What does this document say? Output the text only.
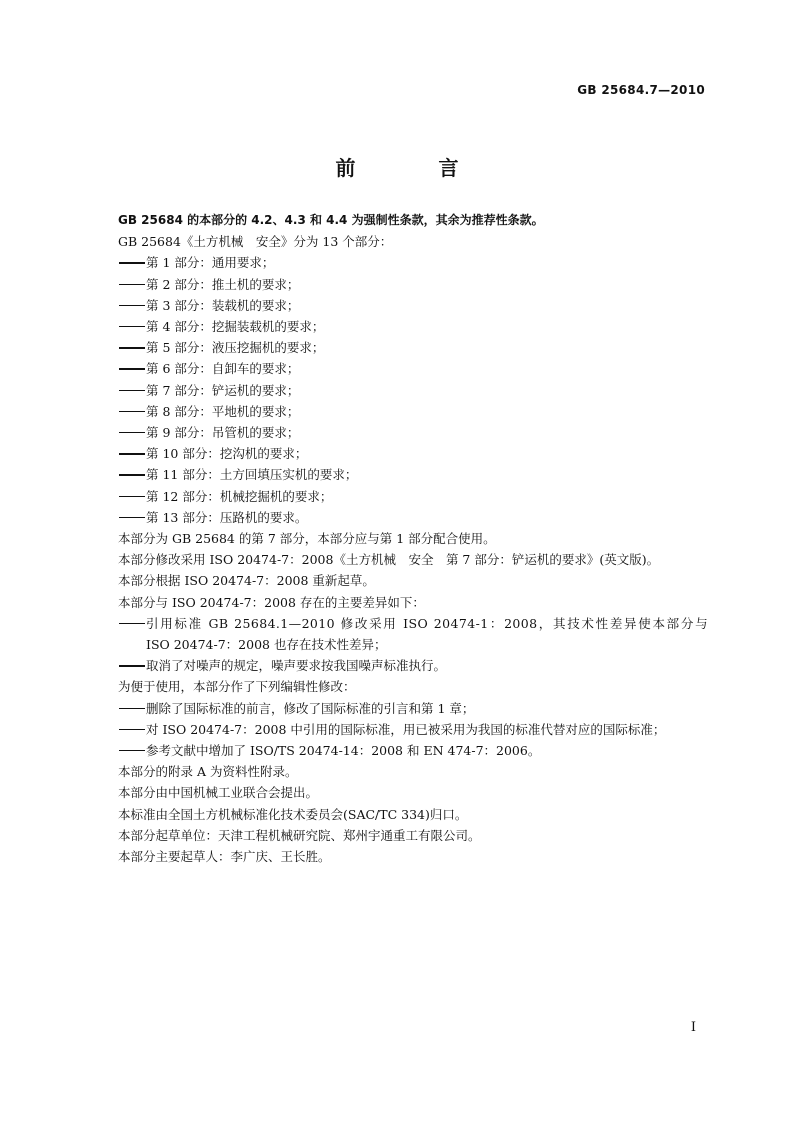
GB 25684.7—2010
前 言

GB 25684 的本部分的 4.2、4.3 和 4.4 为强制性条款，其余为推荐性条款。

GB 25684《土方机械　安全》分为 13 个部分：

第 1 部分：通用要求；

第 2 部分：推土机的要求；

第 3 部分：装载机的要求；

第 4 部分：挖掘装载机的要求；

第 5 部分：液压挖掘机的要求；

第 6 部分：自卸车的要求；

第 7 部分：铲运机的要求；

第 8 部分：平地机的要求；

第 9 部分：吊管机的要求；

第 10 部分：挖沟机的要求；

第 11 部分：土方回填压实机的要求；

第 12 部分：机械挖掘机的要求；

第 13 部分：压路机的要求。

本部分为 GB 25684 的第 7 部分，本部分应与第 1 部分配合使用。

本部分修改采用 ISO 20474-7：2008《土方机械　安全　第 7 部分：铲运机的要求》(英文版)。

本部分根据 ISO 20474-7：2008 重新起草。

本部分与 ISO 20474-7：2008 存在的主要差异如下：

引用标准 GB 25684.1—2010 修改采用 ISO 20474-1：2008，其技术性差异使本部分与
ISO 20474-7：2008 也存在技术性差异；

取消了对噪声的规定，噪声要求按我国噪声标准执行。

为便于使用，本部分作了下列编辑性修改：

删除了国际标准的前言，修改了国际标准的引言和第 1 章；

对 ISO 20474-7：2008 中引用的国际标准，用已被采用为我国的标准代替对应的国际标准；

参考文献中增加了 ISO/TS 20474-14：2008 和 EN 474-7：2006。

本部分的附录 A 为资料性附录。

本部分由中国机械工业联合会提出。

本标准由全国土方机械标准化技术委员会(SAC/TC 334)归口。

本部分起草单位：天津工程机械研究院、郑州宇通重工有限公司。

本部分主要起草人：李广庆、王长胜。

I
